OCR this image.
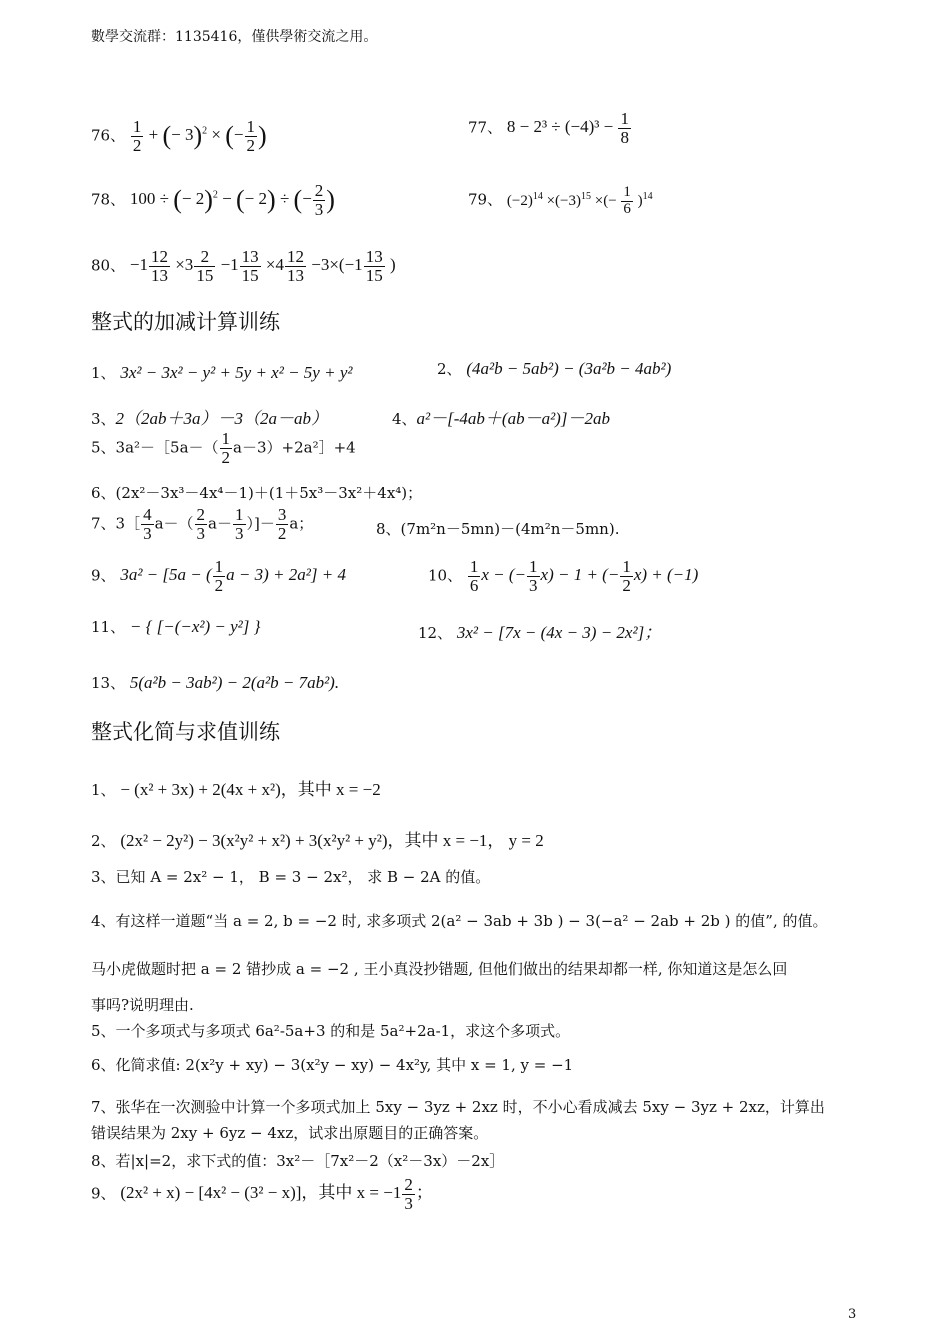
數學交流群：1135416，僅供學術交流之用。
76、 $\frac{1}{2}$ + (− 3)$^2$ × (− $\frac{1}{2}$ )	77、 $8 - 2^3 \div (-4)^3 - \frac{1}{8}$
78、 100 ÷ (− 2)$^2$ − (− 2) ÷ (− $\frac{2}{3}$ )	79、 $(-2)^{14} \times(-3)^{15}$ ×(− $\frac{1}{6} )^{14}$
80、 $-1 \frac{12}{13} \times 3 \frac{2}{15} -1 \frac{13}{15} \times 4 \frac{12}{13} -3\times(-1 \frac{13}{15}$ )
整式的加减计算训练
1、 3x² − 3x² − y² + 5y + x² − 5y + y²	2、 (4a²b − 5ab²) − (3a²b − 4ab²)
3、2（2ab＋3a）－3（2a－ab）	4、a²－[-4ab＋(ab－a²)]－2ab
5、3a²－［5a－（ $\frac{1}{2}$ a－3）+2a²］+4
6、(2x²－3x³－4x⁴－1)＋(1＋5x³－3x²＋4x⁴)；
7、3［ $\frac{4}{3} a-( \frac{2}{3} a- \frac{1}{3}$ ）]－ $\frac{3}{2}$ a；	8、(7m²n－5mn)－(4m²n－5mn).
9、 3a² − [5a − ( $\frac{1}{2}$ a − 3) + 2a²] + 4	10、 $\frac{1}{6}$ x − (− $\frac{1}{3} x) - 1$ + (− $\frac{1}{2} x) + (-1)$
11、 − { [−(−x²) − y²] }	12、 3x² − [7x − (4x − 3) − 2x²]；
13、 5(a²b − 3ab²) − 2(a²b − 7ab²).
整式化简与求值训练
1、 − (x² + 3x) + 2(4x + x²)，其中 x = −2
2、 (2x² − 2y²) − 3(x²y² + x²) + 3(x²y² + y²)，其中 x = −1， y = 2
3、已知 A = 2x² − 1， B = 3 − 2x²， 求 B − 2A 的值。
4、有这样一道题“当 a = 2, b = −2 时, 求多项式 2(a² − 3ab + 3b ) − 3(−a² − 2ab + 2b ) 的值”, 的值。
马小虎做题时把 a = 2 错抄成 a = −2 , 王小真没抄错题, 但他们做出的结果却都一样, 你知道这是怎么回
事吗?说明理由.
5、一个多项式与多项式 6a²-5a+3 的和是 5a²+2a-1，求这个多项式。
6、化简求值: 2(x²y + xy) − 3(x²y − xy) − 4x²y, 其中 x = 1, y = −1
7、张华在一次测验中计算一个多项式加上 5xy − 3yz + 2xz 时，不小心看成减去 5xy − 3yz + 2xz，计算出
错误结果为 2xy + 6yz − 4xz，试求出原题目的正确答案。
8、若|x|=2，求下式的值：3x²－［7x²－2（x²－3x）－2x］
9、 (2x² + x) − [4x² − (3² − x)]，其中 $x = -1 \frac{2}{3}$ ；
3
